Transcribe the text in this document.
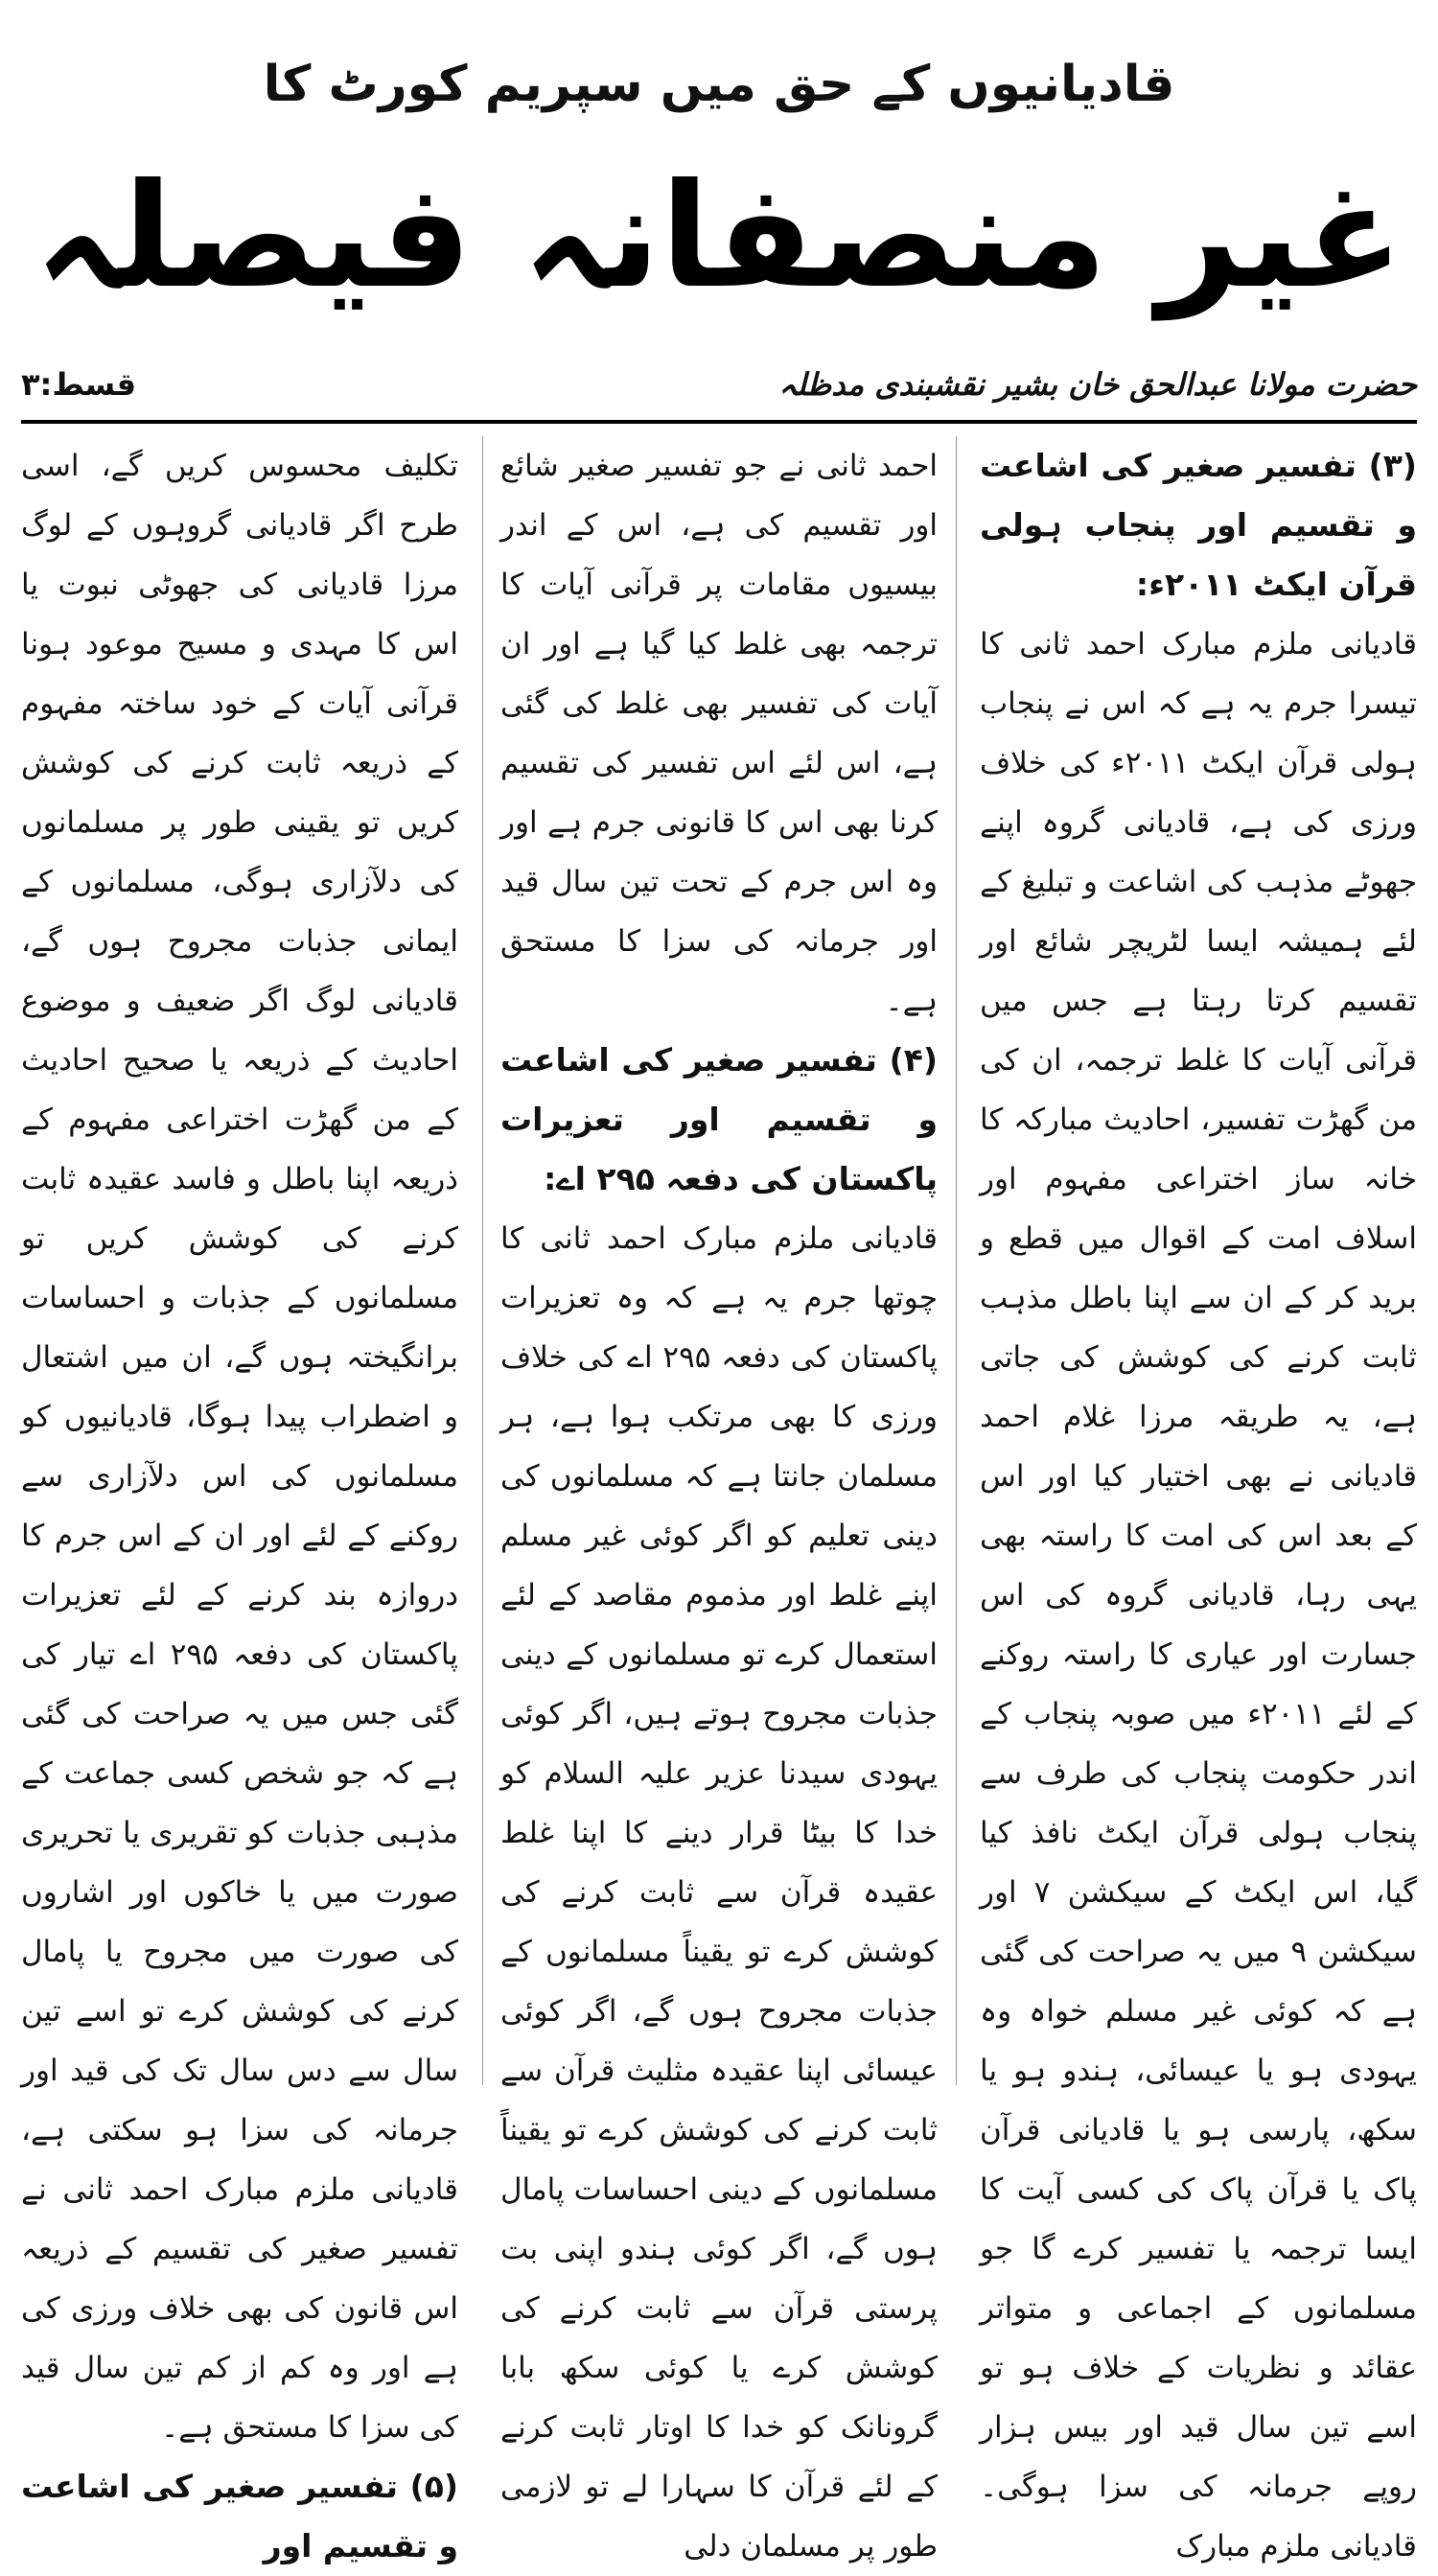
قادیانیوں کے حق میں سپریم کورٹ کا
غیر منصفانہ فیصلہ
حضرت مولانا عبدالحق خان بشیر نقشبندی مدظلہ
قسط:۳

(۳) تفسیر صغیر کی اشاعت و تقسیم اور پنجاب ہولی قرآن ایکٹ ۲۰۱۱ء:

قادیانی ملزم مبارک احمد ثانی کا تیسرا جرم یہ ہے کہ اس نے پنجاب ہولی قرآن ایکٹ ۲۰۱۱ء کی خلاف ورزی کی ہے، قادیانی گروہ اپنے جھوٹے مذہب کی اشاعت و تبلیغ کے لئے ہمیشہ ایسا لٹریچر شائع اور تقسیم کرتا رہتا ہے جس میں قرآنی آیات کا غلط ترجمہ، ان کی من گھڑت تفسیر، احادیث مبارکہ کا خانہ ساز اختراعی مفہوم اور اسلاف امت کے اقوال میں قطع و برید کر کے ان سے اپنا باطل مذہب ثابت کرنے کی کوشش کی جاتی ہے، یہ طریقہ مرزا غلام احمد قادیانی نے بھی اختیار کیا اور اس کے بعد اس کی امت کا راستہ بھی یہی رہا، قادیانی گروہ کی اس جسارت اور عیاری کا راستہ روکنے کے لئے ۲۰۱۱ء میں صوبہ پنجاب کے اندر حکومت پنجاب کی طرف سے پنجاب ہولی قرآن ایکٹ نافذ کیا گیا، اس ایکٹ کے سیکشن ۷ اور سیکشن ۹ میں یہ صراحت کی گئی ہے کہ کوئی غیر مسلم خواہ وہ یہودی ہو یا عیسائی، ہندو ہو یا سکھ، پارسی ہو یا قادیانی قرآن پاک یا قرآن پاک کی کسی آیت کا ایسا ترجمہ یا تفسیر کرے گا جو مسلمانوں کے اجماعی و متواتر عقائد و نظریات کے خلاف ہو تو اسے تین سال قید اور بیس ہزار روپے جرمانہ کی سزا ہوگی۔ قادیانی ملزم مبارک

احمد ثانی نے جو تفسیر صغیر شائع اور تقسیم کی ہے، اس کے اندر بیسیوں مقامات پر قرآنی آیات کا ترجمہ بھی غلط کیا گیا ہے اور ان آیات کی تفسیر بھی غلط کی گئی ہے، اس لئے اس تفسیر کی تقسیم کرنا بھی اس کا قانونی جرم ہے اور وہ اس جرم کے تحت تین سال قید اور جرمانہ کی سزا کا مستحق ہے۔

(۴) تفسیر صغیر کی اشاعت و تقسیم اور تعزیرات پاکستان کی دفعہ ۲۹۵ اے:

قادیانی ملزم مبارک احمد ثانی کا چوتھا جرم یہ ہے کہ وہ تعزیرات پاکستان کی دفعہ ۲۹۵ اے کی خلاف ورزی کا بھی مرتکب ہوا ہے، ہر مسلمان جانتا ہے کہ مسلمانوں کی دینی تعلیم کو اگر کوئی غیر مسلم اپنے غلط اور مذموم مقاصد کے لئے استعمال کرے تو مسلمانوں کے دینی جذبات مجروح ہوتے ہیں، اگر کوئی یہودی سیدنا عزیر علیہ السلام کو خدا کا بیٹا قرار دینے کا اپنا غلط عقیدہ قرآن سے ثابت کرنے کی کوشش کرے تو یقیناً مسلمانوں کے جذبات مجروح ہوں گے، اگر کوئی عیسائی اپنا عقیدہ مثلیث قرآن سے ثابت کرنے کی کوشش کرے تو یقیناً مسلمانوں کے دینی احساسات پامال ہوں گے، اگر کوئی ہندو اپنی بت پرستی قرآن سے ثابت کرنے کی کوشش کرے یا کوئی سکھ بابا گرونانک کو خدا کا اوتار ثابت کرنے کے لئے قرآن کا سہارا لے تو لازمی طور پر مسلمان دلی

تکلیف محسوس کریں گے، اسی طرح اگر قادیانی گروہوں کے لوگ مرزا قادیانی کی جھوٹی نبوت یا اس کا مہدی و مسیح موعود ہونا قرآنی آیات کے خود ساختہ مفہوم کے ذریعہ ثابت کرنے کی کوشش کریں تو یقینی طور پر مسلمانوں کی دلآزاری ہوگی، مسلمانوں کے ایمانی جذبات مجروح ہوں گے، قادیانی لوگ اگر ضعیف و موضوع احادیث کے ذریعہ یا صحیح احادیث کے من گھڑت اختراعی مفہوم کے ذریعہ اپنا باطل و فاسد عقیدہ ثابت کرنے کی کوشش کریں تو مسلمانوں کے جذبات و احساسات برانگیختہ ہوں گے، ان میں اشتعال و اضطراب پیدا ہوگا، قادیانیوں کو مسلمانوں کی اس دلآزاری سے روکنے کے لئے اور ان کے اس جرم کا دروازہ بند کرنے کے لئے تعزیرات پاکستان کی دفعہ ۲۹۵ اے تیار کی گئی جس میں یہ صراحت کی گئی ہے کہ جو شخص کسی جماعت کے مذہبی جذبات کو تقریری یا تحریری صورت میں یا خاکوں اور اشاروں کی صورت میں مجروح یا پامال کرنے کی کوشش کرے تو اسے تین سال سے دس سال تک کی قید اور جرمانہ کی سزا ہو سکتی ہے، قادیانی ملزم مبارک احمد ثانی نے تفسیر صغیر کی تقسیم کے ذریعہ اس قانون کی بھی خلاف ورزی کی ہے اور وہ کم از کم تین سال قید کی سزا کا مستحق ہے۔

(۵) تفسیر صغیر کی اشاعت و تقسیم اور
